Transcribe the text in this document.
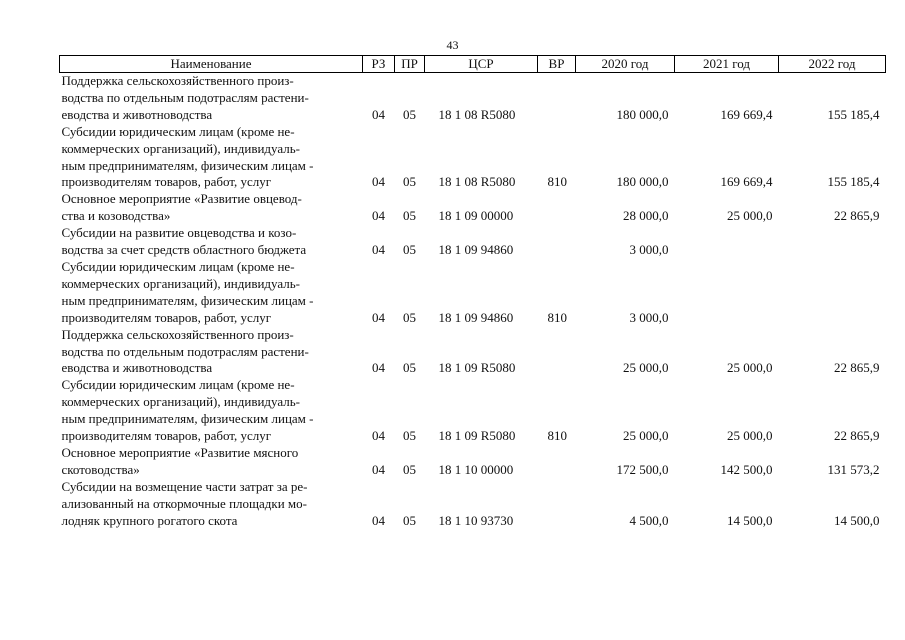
43
Наименование	РЗ	ПР	ЦСР	ВР	2020 год	2021 год	2022 год
Поддержка сельскохозяйственного произ-
водства по отдельным подотраслям растени-
еводства и животноводства	04	05	18 1 08 R5080		180 000,0	169 669,4	155 185,4
Субсидии юридическим лицам (кроме не-
коммерческих организаций), индивидуаль-
ным предпринимателям, физическим лицам -
производителям товаров, работ, услуг	04	05	18 1 08 R5080	810	180 000,0	169 669,4	155 185,4
Основное мероприятие «Развитие овцевод-
ства и козоводства»	04	05	18 1 09 00000		28 000,0	25 000,0	22 865,9
Субсидии на развитие овцеводства и козо-
водства за счет средств областного бюджета	04	05	18 1 09 94860		3 000,0		
Субсидии юридическим лицам (кроме не-
коммерческих организаций), индивидуаль-
ным предпринимателям, физическим лицам -
производителям товаров, работ, услуг	04	05	18 1 09 94860	810	3 000,0		
Поддержка сельскохозяйственного произ-
водства по отдельным подотраслям растени-
еводства и животноводства	04	05	18 1 09 R5080		25 000,0	25 000,0	22 865,9
Субсидии юридическим лицам (кроме не-
коммерческих организаций), индивидуаль-
ным предпринимателям, физическим лицам -
производителям товаров, работ, услуг	04	05	18 1 09 R5080	810	25 000,0	25 000,0	22 865,9
Основное мероприятие «Развитие мясного
скотоводства»	04	05	18 1 10 00000		172 500,0	142 500,0	131 573,2
Субсидии на возмещение части затрат за ре-
ализованный на откормочные площадки мо-
лодняк крупного рогатого скота	04	05	18 1 10 93730		4 500,0	14 500,0	14 500,0
